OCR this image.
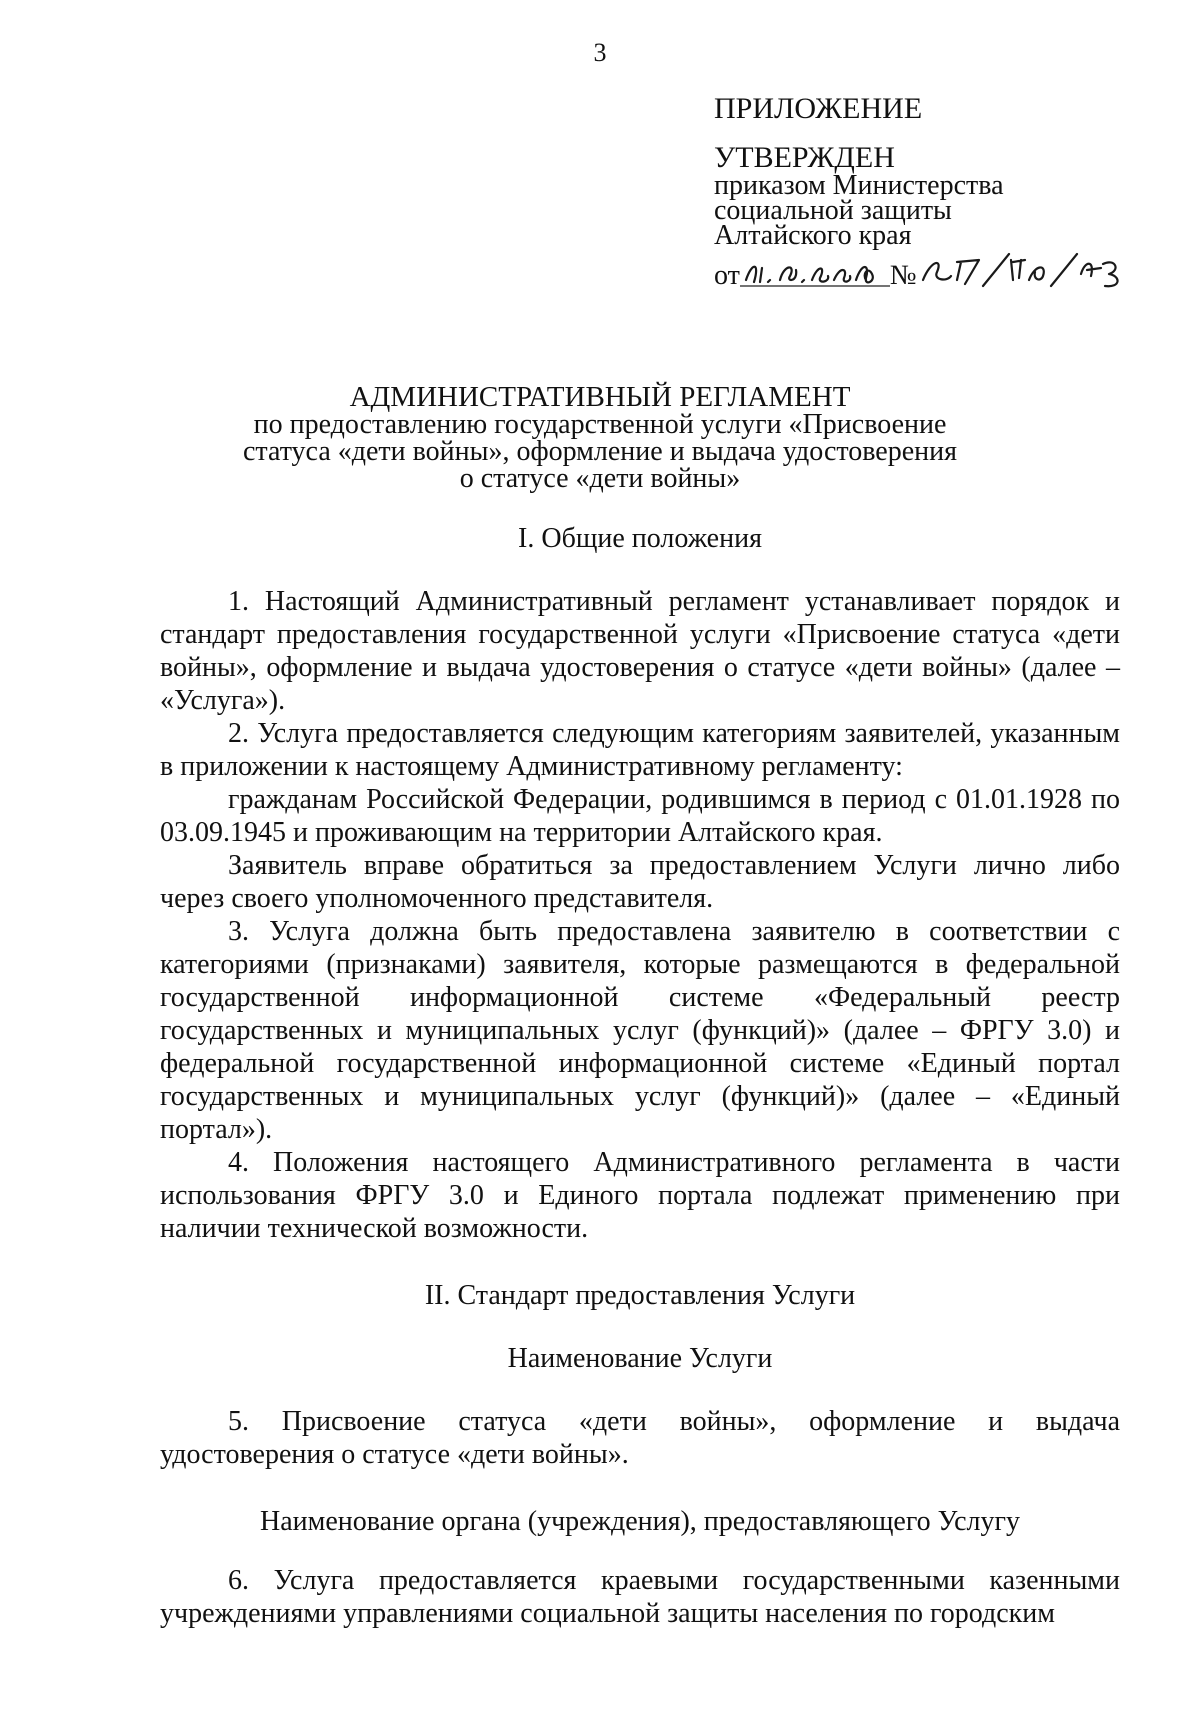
3
ПРИЛОЖЕНИЕ
УТВЕРЖДЕН
приказом Министерства
социальной защиты
Алтайского края
от	№
АДМИНИСТРАТИВНЫЙ РЕГЛАМЕНТ
по предоставлению государственной услуги «Присвоение
статуса «дети войны», оформление и выдача удостоверения
о статусе «дети войны»

I. Общие положения

1. Настоящий Административный регламент устанавливает порядок и стандарт предоставления государственной услуги «Присвоение статуса «дети войны», оформление и выдача удостоверения о статусе «дети войны» (далее – «Услуга»).

2. Услуга предоставляется следующим категориям заявителей, указанным в приложении к настоящему Административному регламенту:

гражданам Российской Федерации, родившимся в период с 01.01.1928 по 03.09.1945 и проживающим на территории Алтайского края.

Заявитель вправе обратиться за предоставлением Услуги лично либо через своего уполномоченного представителя.

3. Услуга должна быть предоставлена заявителю в соответствии с категориями (признаками) заявителя, которые размещаются в федеральной государственной информационной системе «Федеральный реестр государственных и муниципальных услуг (функций)» (далее – ФРГУ 3.0) и федеральной государственной информационной системе «Единый портал государственных и муниципальных услуг (функций)» (далее – «Единый портал»).

4. Положения настоящего Административного регламента в части использования ФРГУ 3.0 и Единого портала подлежат применению при наличии технической возможности.

II. Стандарт предоставления Услуги

Наименование Услуги

5. Присвоение статуса «дети войны», оформление и выдача удостоверения о статусе «дети войны».

Наименование органа (учреждения), предоставляющего Услугу

6. Услуга предоставляется краевыми государственными казенными учреждениями управлениями социальной защиты населения по городским
